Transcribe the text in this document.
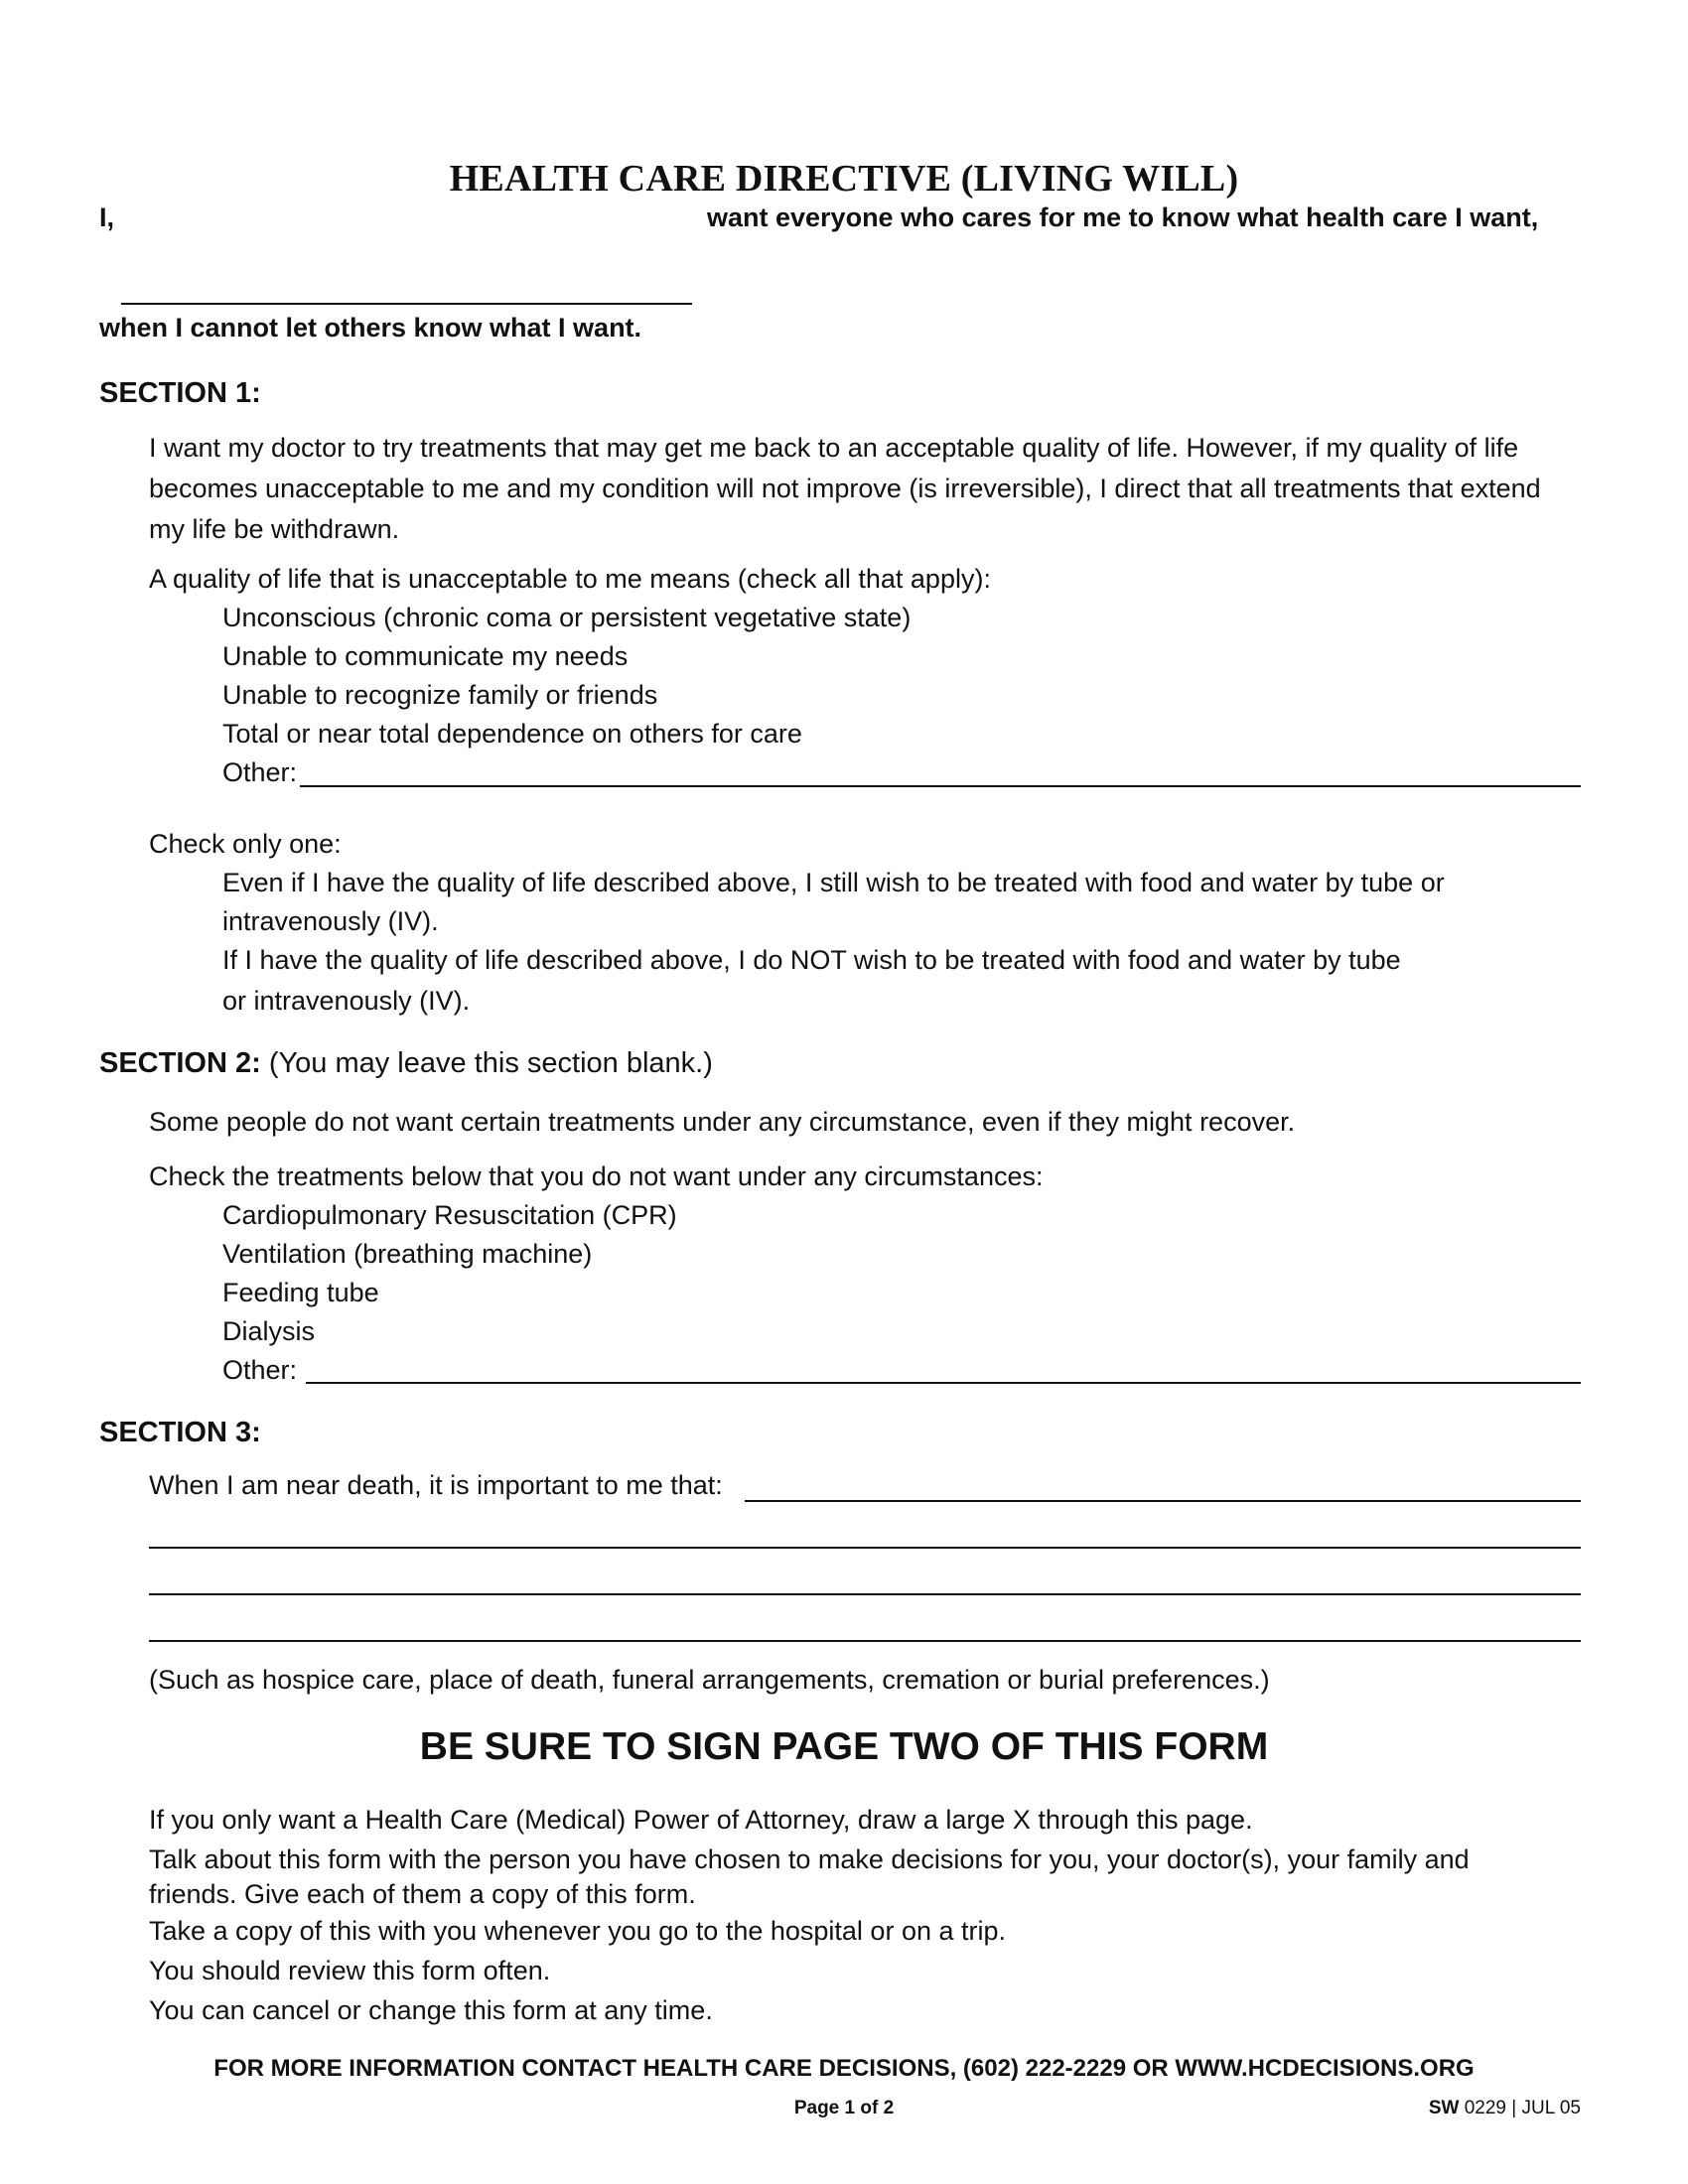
HEALTH CARE DIRECTIVE (LIVING WILL)
I,	want everyone who cares for me to know what health care I want,
when I cannot let others know what I want.
SECTION 1:
I want my doctor to try treatments that may get me back to an acceptable quality of life. However, if my quality of life becomes unacceptable to me and my condition will not improve (is irreversible), I direct that all treatments that extend my life be withdrawn.
A quality of life that is unacceptable to me means (check all that apply):
Unconscious (chronic coma or persistent vegetative state)
Unable to communicate my needs
Unable to recognize family or friends
Total or near total dependence on others for care
Other:
Check only one:
Even if I have the quality of life described above, I still wish to be treated with food and water by tube or
intravenously (IV).
If I have the quality of life described above, I do NOT wish to be treated with food and water by tube
or intravenously (IV).
SECTION 2: (You may leave this section blank.)
Some people do not want certain treatments under any circumstance, even if they might recover.
Check the treatments below that you do not want under any circumstances:
Cardiopulmonary Resuscitation (CPR)
Ventilation (breathing machine)
Feeding tube
Dialysis
Other:
SECTION 3:
When I am near death, it is important to me that:
(Such as hospice care, place of death, funeral arrangements, cremation or burial preferences.)
BE SURE TO SIGN PAGE TWO OF THIS FORM
If you only want a Health Care (Medical) Power of Attorney, draw a large X through this page.
Talk about this form with the person you have chosen to make decisions for you, your doctor(s), your family and
friends. Give each of them a copy of this form.
Take a copy of this with you whenever you go to the hospital or on a trip.
You should review this form often.
You can cancel or change this form at any time.
FOR MORE INFORMATION CONTACT HEALTH CARE DECISIONS, (602) 222-2229 OR WWW.HCDECISIONS.ORG
Page 1 of 2	SW 0229 | JUL 05
